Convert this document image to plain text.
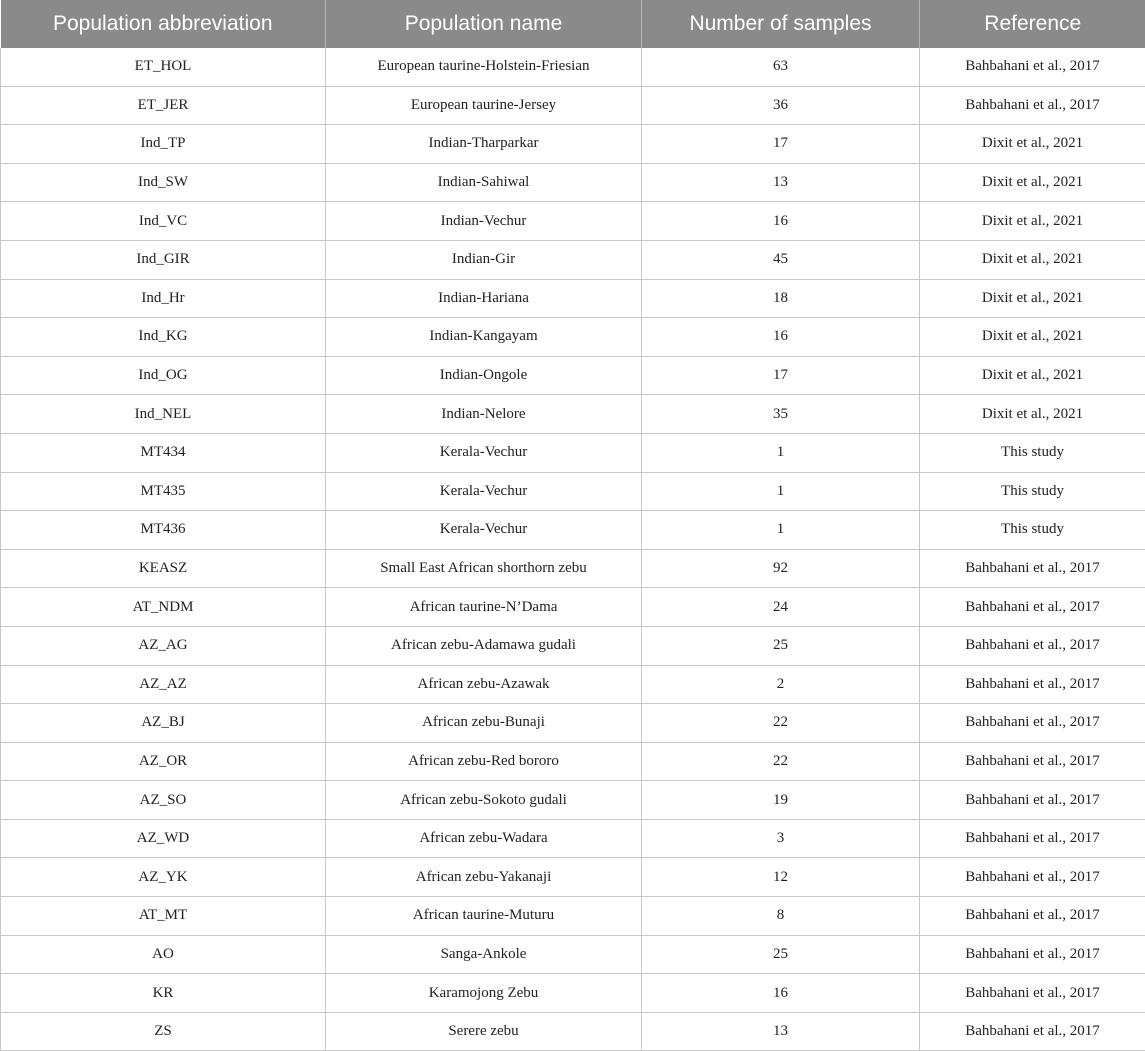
Population abbreviation	Population name	Number of samples	Reference
ET_HOL	European taurine-Holstein-Friesian	63	Bahbahani et al., 2017
ET_JER	European taurine-Jersey	36	Bahbahani et al., 2017
Ind_TP	Indian-Tharparkar	17	Dixit et al., 2021
Ind_SW	Indian-Sahiwal	13	Dixit et al., 2021
Ind_VC	Indian-Vechur	16	Dixit et al., 2021
Ind_GIR	Indian-Gir	45	Dixit et al., 2021
Ind_Hr	Indian-Hariana	18	Dixit et al., 2021
Ind_KG	Indian-Kangayam	16	Dixit et al., 2021
Ind_OG	Indian-Ongole	17	Dixit et al., 2021
Ind_NEL	Indian-Nelore	35	Dixit et al., 2021
MT434	Kerala-Vechur	1	This study
MT435	Kerala-Vechur	1	This study
MT436	Kerala-Vechur	1	This study
KEASZ	Small East African shorthorn zebu	92	Bahbahani et al., 2017
AT_NDM	African taurine-N’Dama	24	Bahbahani et al., 2017
AZ_AG	African zebu-Adamawa gudali	25	Bahbahani et al., 2017
AZ_AZ	African zebu-Azawak	2	Bahbahani et al., 2017
AZ_BJ	African zebu-Bunaji	22	Bahbahani et al., 2017
AZ_OR	African zebu-Red bororo	22	Bahbahani et al., 2017
AZ_SO	African zebu-Sokoto gudali	19	Bahbahani et al., 2017
AZ_WD	African zebu-Wadara	3	Bahbahani et al., 2017
AZ_YK	African zebu-Yakanaji	12	Bahbahani et al., 2017
AT_MT	African taurine-Muturu	8	Bahbahani et al., 2017
AO	Sanga-Ankole	25	Bahbahani et al., 2017
KR	Karamojong Zebu	16	Bahbahani et al., 2017
ZS	Serere zebu	13	Bahbahani et al., 2017
